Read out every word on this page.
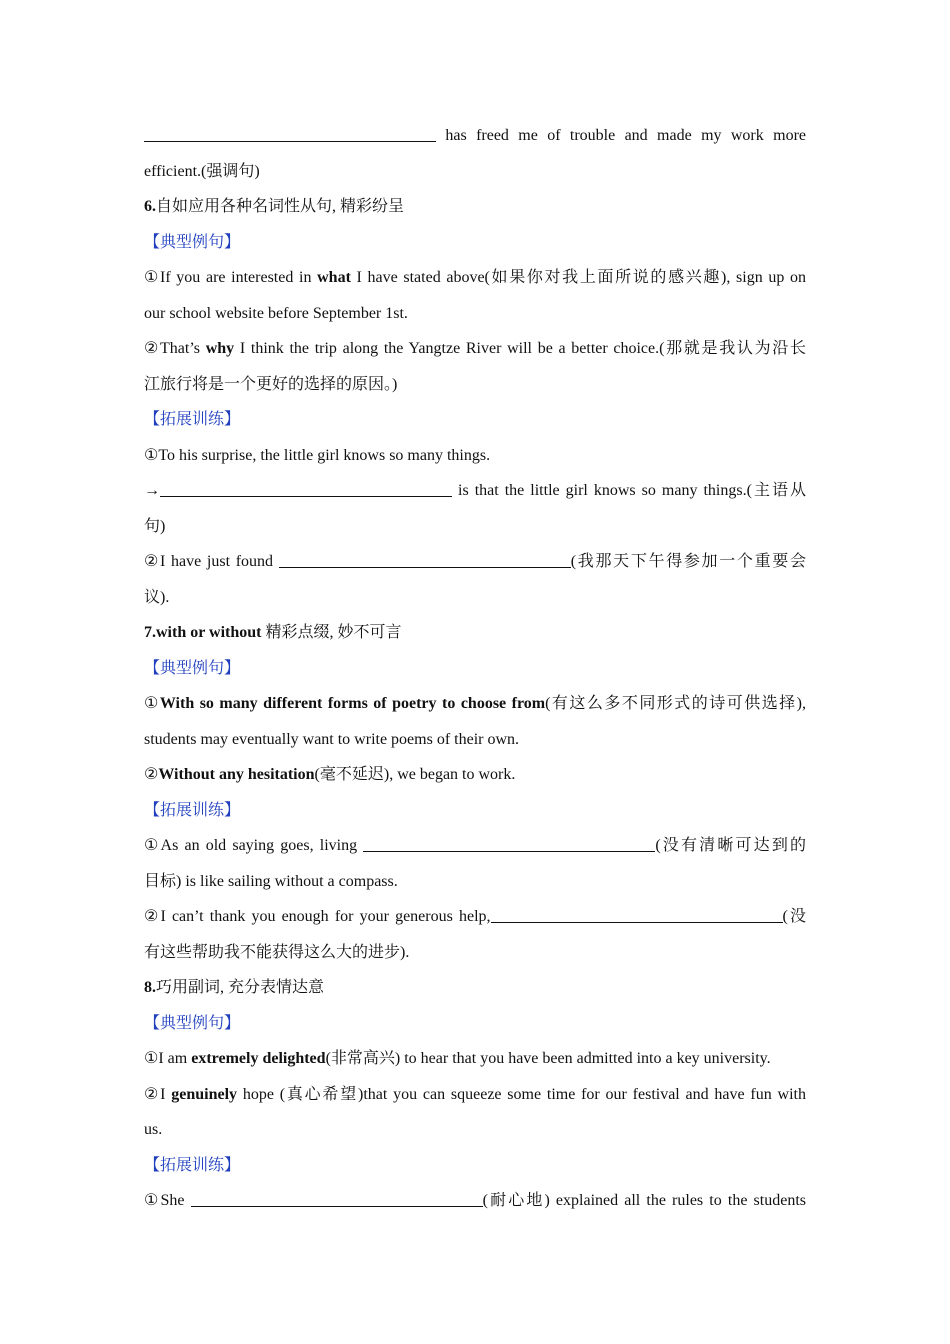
has freed me of trouble and made my work more
efficient.(强调句)
6.自如应用各种名词性从句, 精彩纷呈
【典型例句】
①If you are interested in what I have stated above(如果你对我上面所说的感兴趣), sign up on
our school website before September 1st.
②That’s why I think the trip along the Yangtze River will be a better choice.(那就是我认为沿长
江旅行将是一个更好的选择的原因。)
【拓展训练】
①To his surprise, the little girl knows so many things.
→	is that the little girl knows so many things.(主语从
句)
②I have just found	(我那天下午得参加一个重要会
议).
7.with or without 精彩点缀, 妙不可言
【典型例句】
①With so many different forms of poetry to choose from(有这么多不同形式的诗可供选择),
students may eventually want to write poems of their own.
②Without any hesitation(毫不延迟), we began to work.
【拓展训练】
①As an old saying goes, living	(没有清晰可达到的
目标) is like sailing without a compass.
②I can’t thank you enough for your generous help,	(没
有这些帮助我不能获得这么大的进步).
8.巧用副词, 充分表情达意
【典型例句】
①I am extremely delighted(非常高兴) to hear that you have been admitted into a key university.
②I genuinely hope (真心希望)that you can squeeze some time for our festival and have fun with
us.
【拓展训练】
①She	(耐心地) explained all the rules to the students
